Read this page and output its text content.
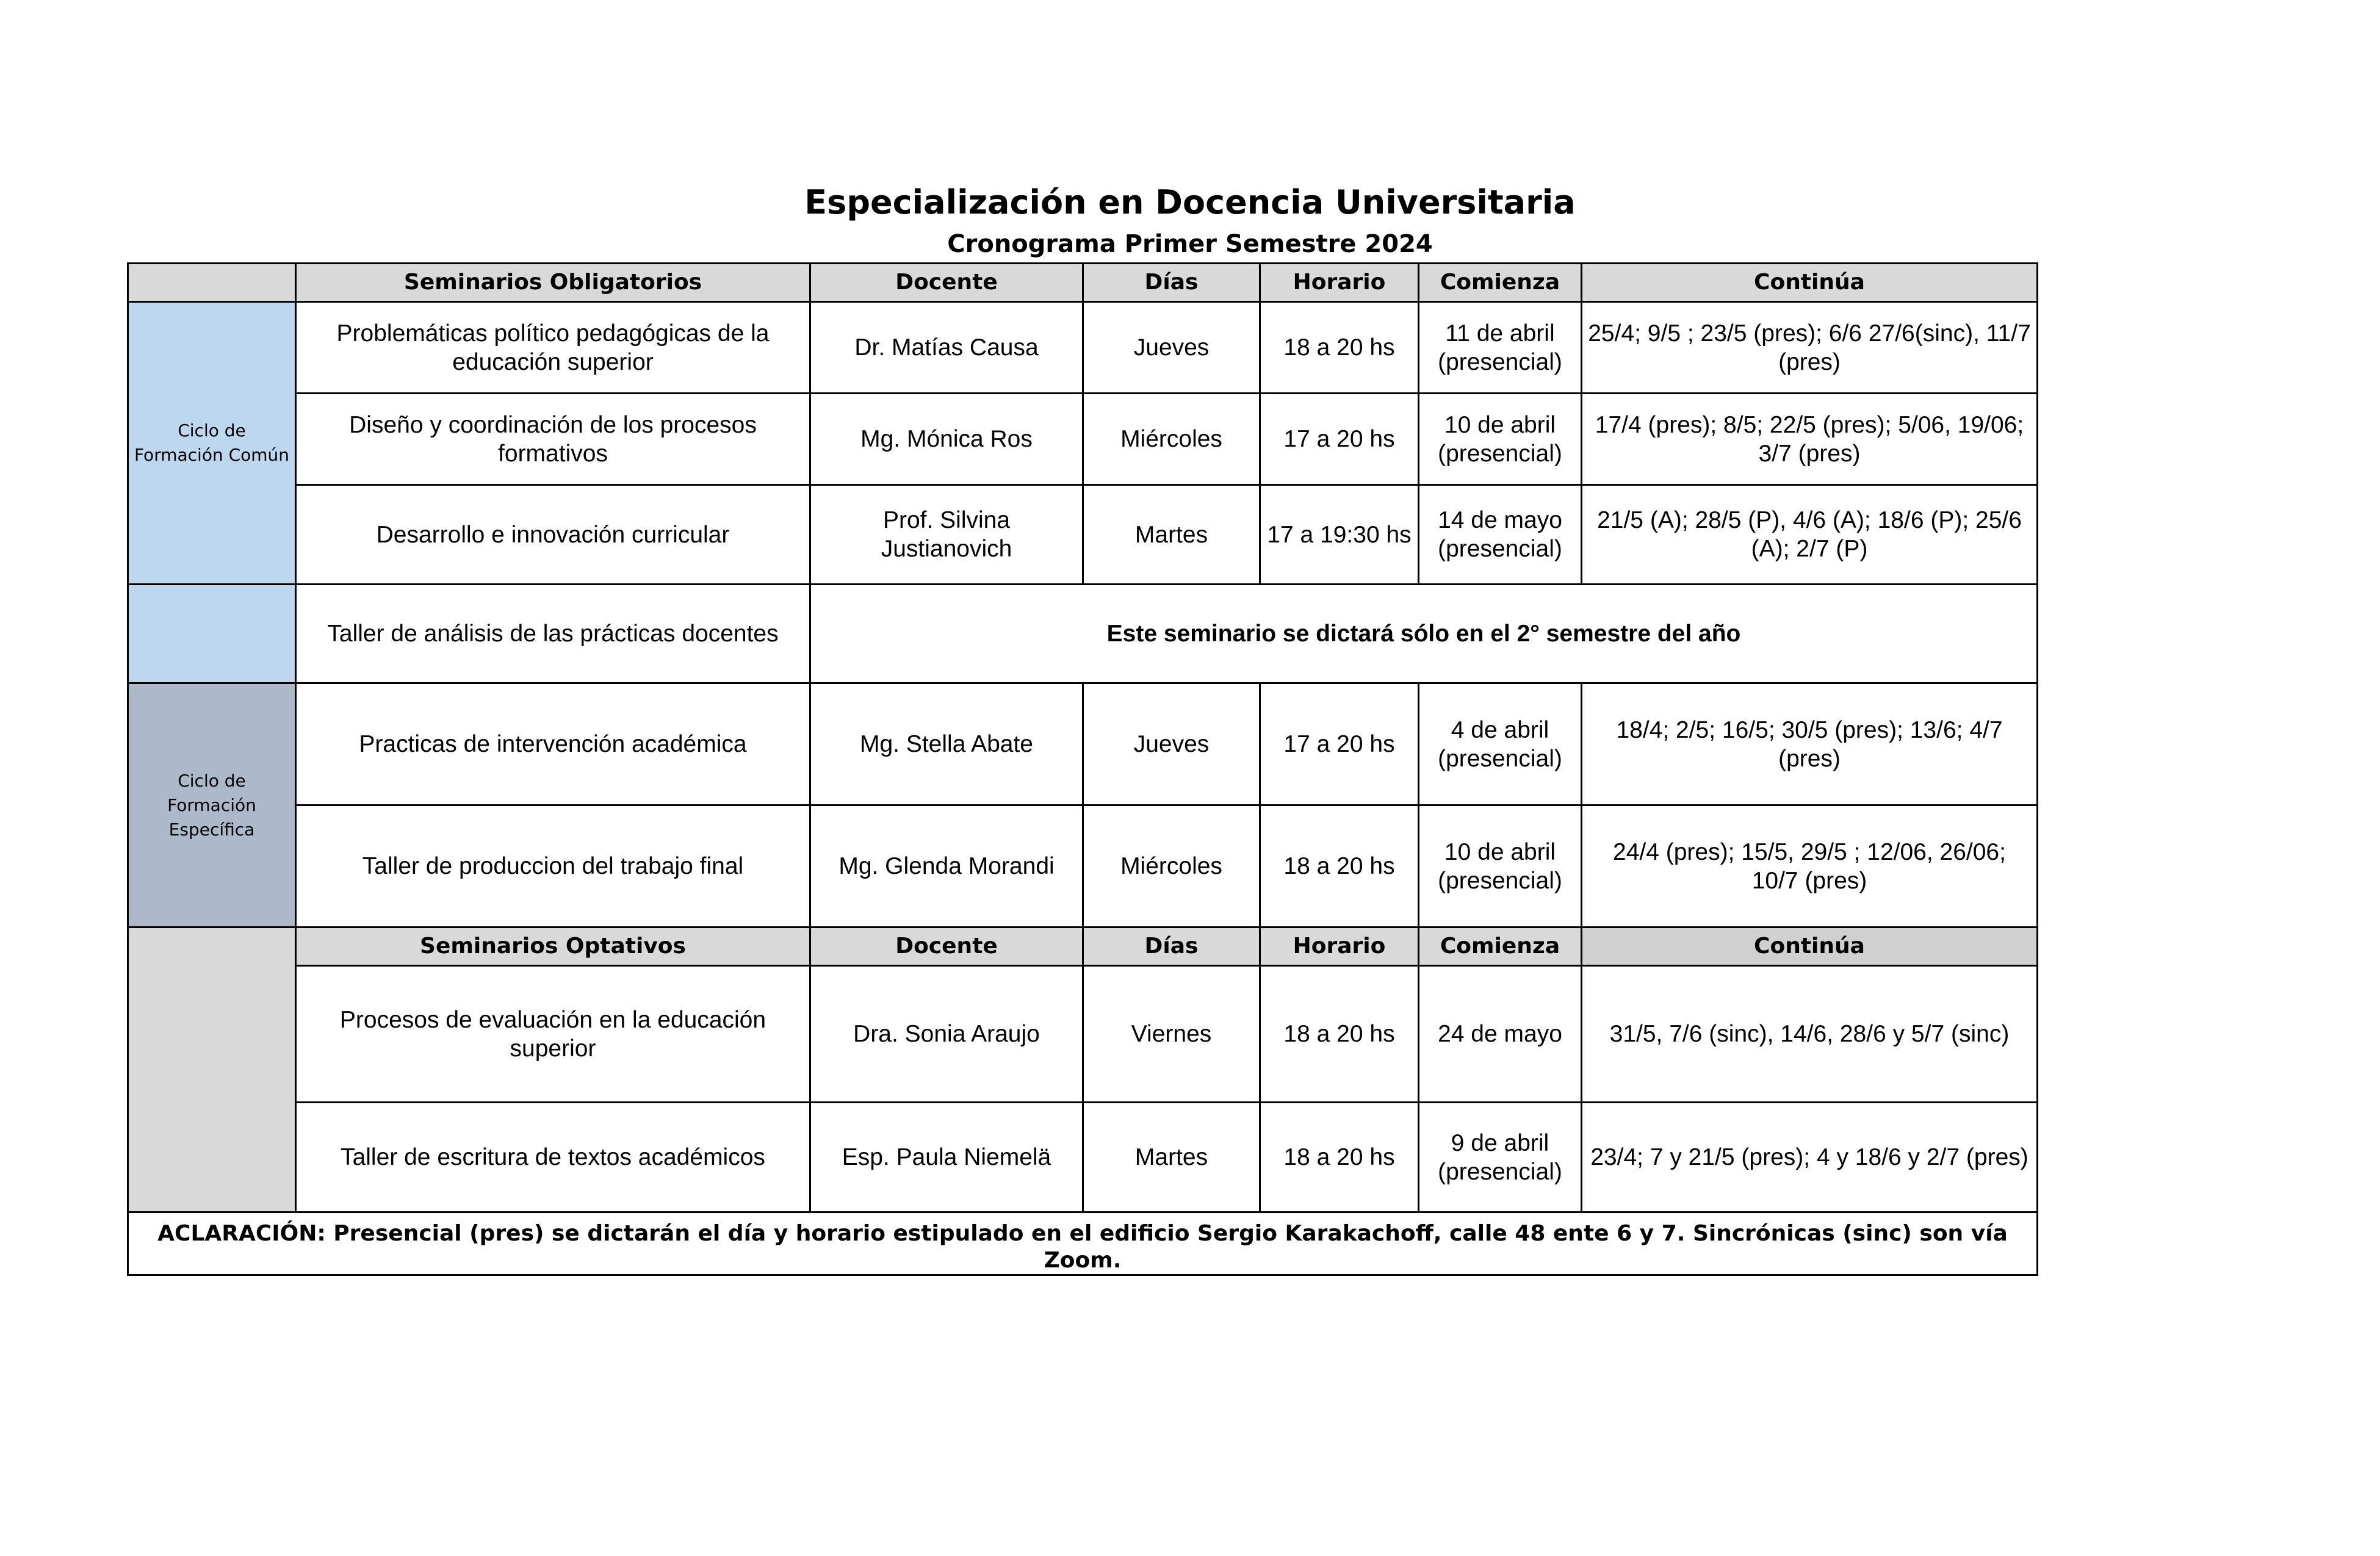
Especialización en Docencia Universitaria
Cronograma Primer Semestre 2024
	Seminarios Obligatorios	Docente	Días	Horario	Comienza	Continúa
Ciclo de Formación Común	Problemáticas político pedagógicas de la educación superior	Dr. Matías Causa	Jueves	18 a 20 hs	11 de abril (presencial)	25/4; 9/5 ; 23/5 (pres); 6/6 27/6(sinc), 11/7 (pres)
	Diseño y coordinación de los procesos formativos	Mg. Mónica Ros	Miércoles	17 a 20 hs	10 de abril (presencial)	17/4 (pres); 8/5; 22/5 (pres); 5/06, 19/06; 3/7 (pres)
	Desarrollo e innovación curricular	Prof. Silvina Justianovich	Martes	17 a 19:30 hs	14 de mayo (presencial)	21/5 (A); 28/5 (P), 4/6 (A); 18/6 (P); 25/6 (A); 2/7 (P)
	Taller de análisis de las prácticas docentes	Este seminario se dictará sólo en el 2° semestre del año				
Ciclo de Formación Específica	Practicas de intervención académica	Mg. Stella Abate	Jueves	17 a 20 hs	4 de abril (presencial)	18/4; 2/5; 16/5; 30/5 (pres); 13/6; 4/7 (pres)
	Taller de produccion del trabajo final	Mg. Glenda Morandi	Miércoles	18 a 20 hs	10 de abril (presencial)	24/4 (pres); 15/5, 29/5 ; 12/06, 26/06; 10/7 (pres)
	Seminarios Optativos	Docente	Días	Horario	Comienza	Continúa
	Procesos de evaluación en la educación superior	Dra. Sonia Araujo	Viernes	18 a 20 hs	24 de mayo	31/5, 7/6 (sinc), 14/6, 28/6 y 5/7 (sinc)
	Taller de escritura de textos académicos	Esp. Paula Niemelä	Martes	18 a 20 hs	9 de abril (presencial)	23/4; 7 y 21/5 (pres); 4 y 18/6 y 2/7 (pres)
ACLARACIÓN: Presencial (pres) se dictarán el día y horario estipulado en el edificio Sergio Karakachoff, calle 48 ente 6 y 7. Sincrónicas (sinc) son vía Zoom.						
